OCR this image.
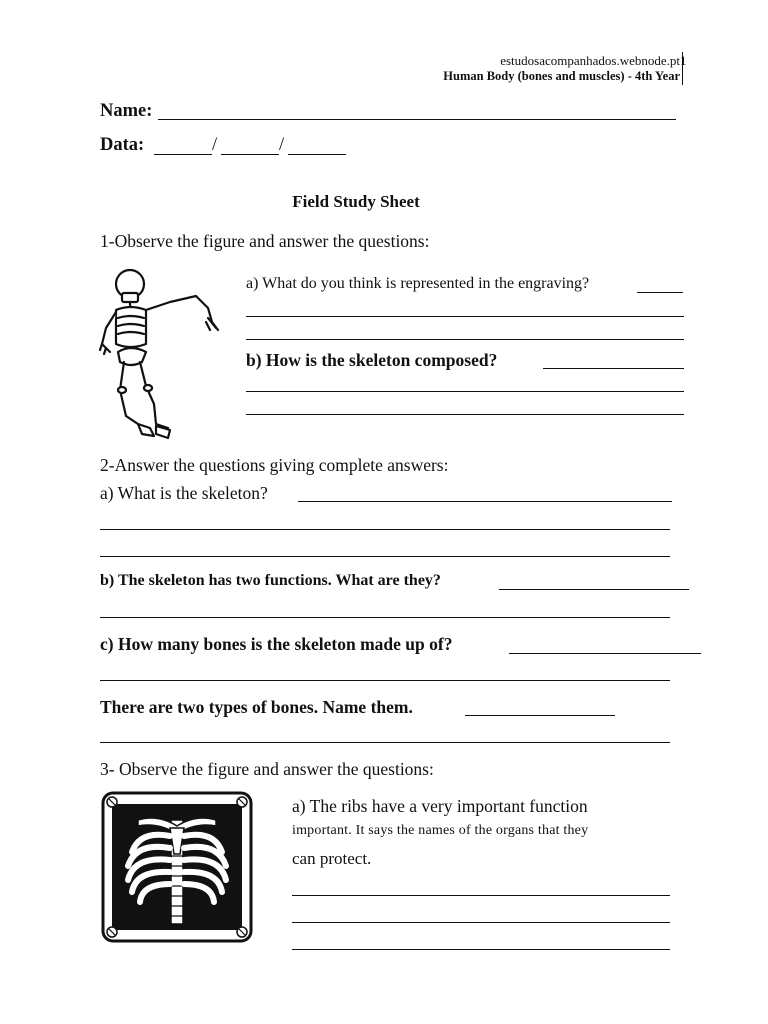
estudosacompanhados.webnode.pt 1
Human Body (bones and muscles) - 4th Year
Name:
Data:	/	/
Field Study Sheet
1-Observe the figure and answer the questions:
a) What do you think is represented in the engraving?
b) How is the skeleton composed?
2-Answer the questions giving complete answers:
a) What is the skeleton?
b) The skeleton has two functions. What are they?
c) How many bones is the skeleton made up of?
There are two types of bones. Name them.
3- Observe the figure and answer the questions:
a) The ribs have a very important function
important. It says the names of the organs that they
can protect.
